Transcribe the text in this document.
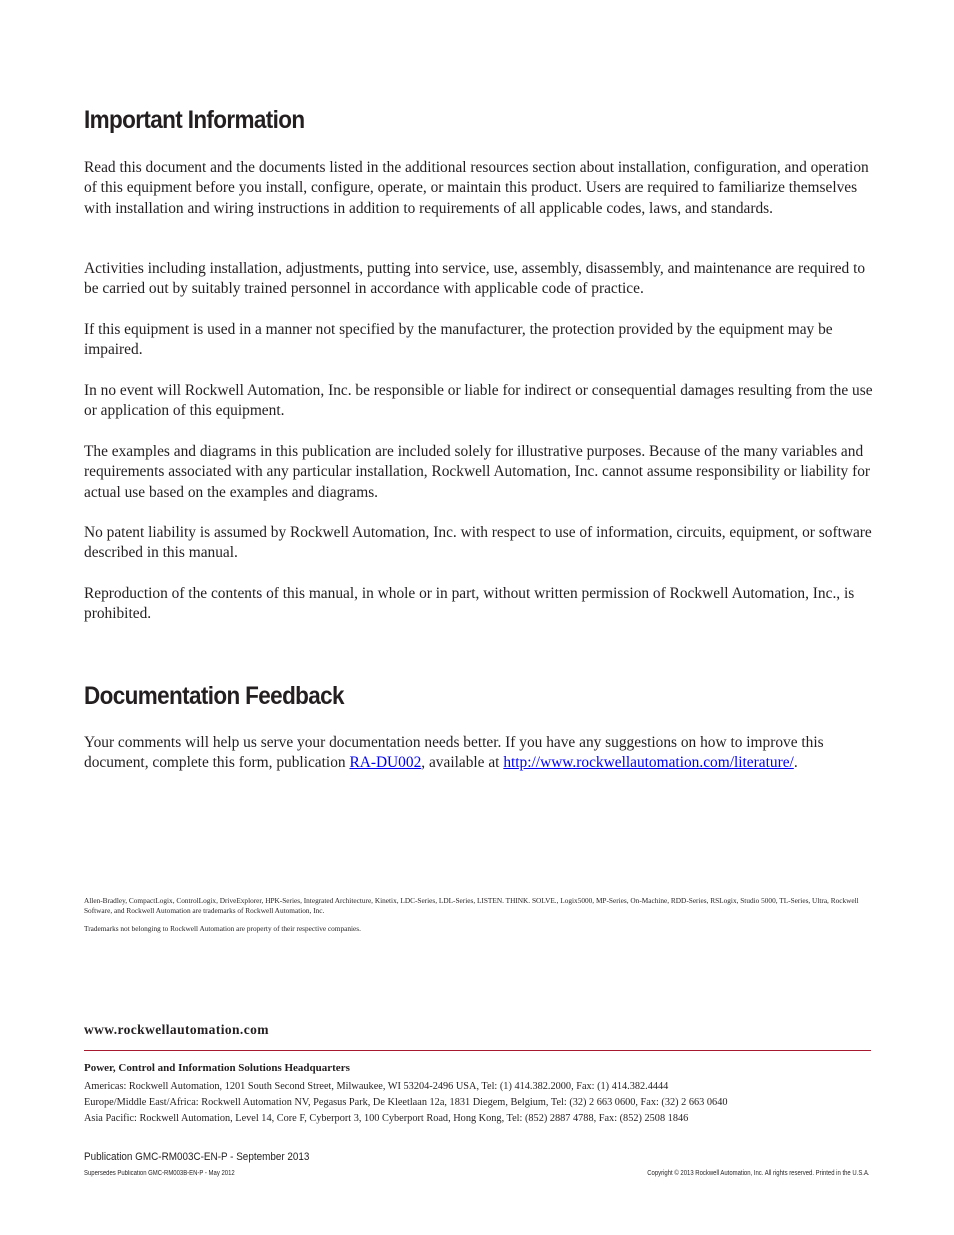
Important Information

Read this document and the documents listed in the additional resources section about installation, configuration, and operation of this equipment before you install, configure, operate, or maintain this product. Users are required to familiarize themselves with installation and wiring instructions in addition to requirements of all applicable codes, laws, and standards.

Activities including installation, adjustments, putting into service, use, assembly, disassembly, and maintenance are required to be carried out by suitably trained personnel in accordance with applicable code of practice.

If this equipment is used in a manner not specified by the manufacturer, the protection provided by the equipment may be impaired.

In no event will Rockwell Automation, Inc. be responsible or liable for indirect or consequential damages resulting from the use or application of this equipment.

The examples and diagrams in this publication are included solely for illustrative purposes. Because of the many variables and requirements associated with any particular installation, Rockwell Automation, Inc. cannot assume responsibility or liability for actual use based on the examples and diagrams.

No patent liability is assumed by Rockwell Automation, Inc. with respect to use of information, circuits, equipment, or software described in this manual.

Reproduction of the contents of this manual, in whole or in part, without written permission of Rockwell Automation, Inc., is prohibited.

Documentation Feedback

Your comments will help us serve your documentation needs better. If you have any suggestions on how to improve this document, complete this form, publication RA-DU002, available at http://www.rockwellautomation.com/literature/.

Allen-Bradley, CompactLogix, ControlLogix, DriveExplorer, HPK-Series, Integrated Architecture, Kinetix, LDC-Series, LDL-Series, LISTEN. THINK. SOLVE., Logix5000, MP-Series, On-Machine, RDD-Series, RSLogix, Studio 5000, TL-Series, Ultra, Rockwell Software, and Rockwell Automation are trademarks of Rockwell Automation, Inc.

Trademarks not belonging to Rockwell Automation are property of their respective companies.

www.rockwellautomation.com
Power, Control and Information Solutions Headquarters
Americas: Rockwell Automation, 1201 South Second Street, Milwaukee, WI 53204-2496 USA, Tel: (1) 414.382.2000, Fax: (1) 414.382.4444
Europe/Middle East/Africa: Rockwell Automation NV, Pegasus Park, De Kleetlaan 12a, 1831 Diegem, Belgium, Tel: (32) 2 663 0600, Fax: (32) 2 663 0640
Asia Pacific: Rockwell Automation, Level 14, Core F, Cyberport 3, 100 Cyberport Road, Hong Kong, Tel: (852) 2887 4788, Fax: (852) 2508 1846
Publication GMC-RM003C-EN-P - September 2013
Supersedes Publication GMC-RM003B-EN-P - May 2012	Copyright © 2013 Rockwell Automation, Inc. All rights reserved. Printed in the U.S.A.
